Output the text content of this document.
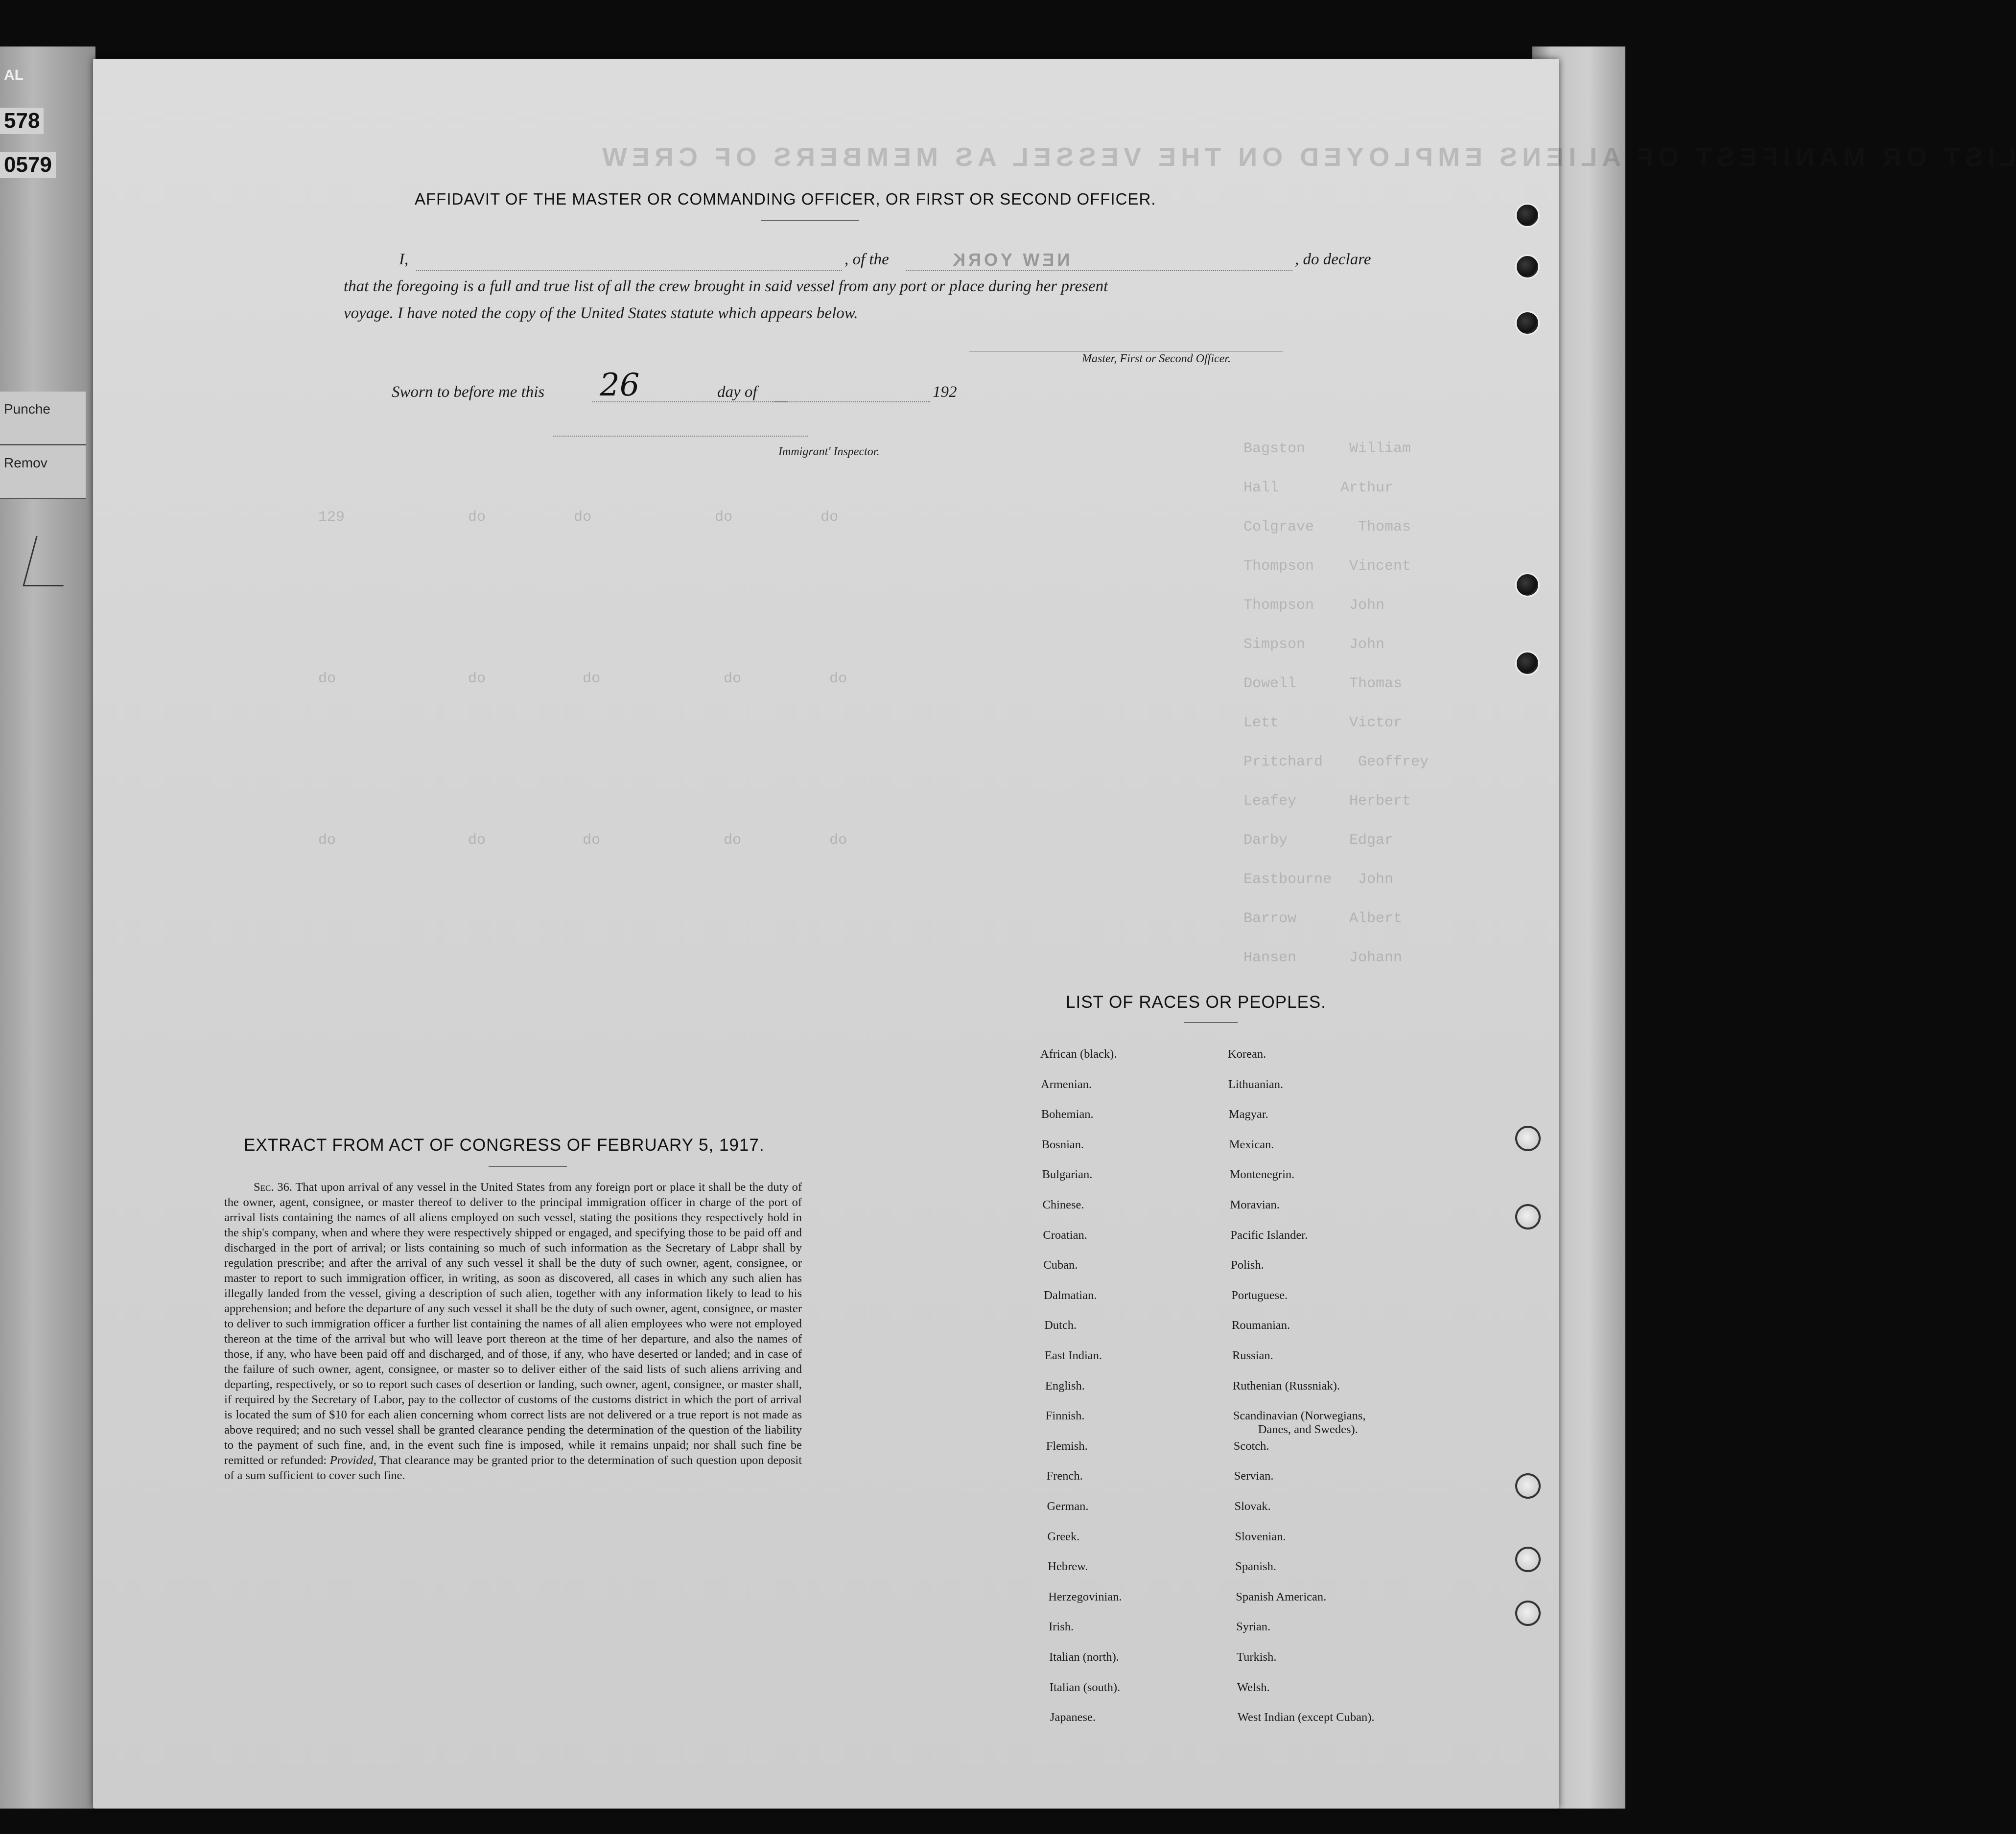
AL
578
0579
Punche
Remov
LIST OR MANIFEST OF ALIENS EMPLOYED ON THE VESSEL AS MEMBERS OF CREW
Bagston     William
Hall       Arthur
Colgrave     Thomas
Thompson    Vincent
Thompson    John
Simpson     John
Dowell      Thomas
Lett        Victor
Pritchard    Geoffrey
Leafey      Herbert
Darby       Edgar
Eastbourne   John
Barrow      Albert
Hansen      Johann
129              do          do              do          do
do               do           do              do          do
do               do           do              do          do
AFFIDAVIT OF THE MASTER OR COMMANDING OFFICER, OR FIRST OR SECOND OFFICER.
I,	, of the	NEW YORK	, do declare
that the foregoing is a full and true list of all the crew brought in said vessel from any port or place during her present
voyage. I have noted the copy of the United States statute which appears below.
Master, First or Second Officer.
Sworn to before me this 26	day of	192
Immigrant' Inspector.
EXTRACT FROM ACT OF CONGRESS OF FEBRUARY 5, 1917.
Sec. 36. That upon arrival of any vessel in the United States from any foreign port or place it shall be the duty of the owner, agent, consignee, or master thereof to deliver to the principal immigration officer in charge of the port of arrival lists containing the names of all aliens employed on such vessel, stating the positions they respectively hold in the ship's company, when and where they were respectively shipped or engaged, and specifying those to be paid off and discharged in the port of arrival; or lists containing so much of such information as the Secretary of Labpr shall by regulation prescribe; and after the arrival of any such vessel it shall be the duty of such owner, agent, consignee, or master to report to such immigration officer, in writing, as soon as discovered, all cases in which any such alien has illegally landed from the vessel, giving a description of such alien, together with any information likely to lead to his apprehension; and before the departure of any such vessel it shall be the duty of such owner, agent, consignee, or master to deliver to such immigration officer a further list containing the names of all alien employees who were not employed thereon at the time of the arrival but who will leave port thereon at the time of her departure, and also the names of those, if any, who have been paid off and discharged, and of those, if any, who have deserted or landed; and in case of the failure of such owner, agent, consignee, or master so to deliver either of the said lists of such aliens arriving and departing, respectively, or so to report such cases of desertion or landing, such owner, agent, consignee, or master shall, if required by the Secretary of Labor, pay to the collector of customs of the customs district in which the port of arrival is located the sum of $10 for each alien concerning whom correct lists are not delivered or a true report is not made as above required; and no such vessel shall be granted clearance pending the determination of the question of the liability to the payment of such fine, and, in the event such fine is imposed, while it remains unpaid; nor shall such fine be remitted or refunded: Provided, That clearance may be granted prior to the determination of such question upon deposit of a sum sufficient to cover such fine.
LIST OF RACES OR PEOPLES.
African (black).
Armenian.
Bohemian.
Bosnian.
Bulgarian.
Chinese.
Croatian.
Cuban.
Dalmatian.
Dutch.
East Indian.
English.
Finnish.
Flemish.
French.
German.
Greek.
Hebrew.
Herzegovinian.
Irish.
Italian (north).
Italian (south).
Japanese.
Korean.
Lithuanian.
Magyar.
Mexican.
Montenegrin.
Moravian.
Pacific Islander.
Polish.
Portuguese.
Roumanian.
Russian.
Ruthenian (Russniak).
Scandinavian (Norwegians,
Danes, and Swedes).
Scotch.
Servian.
Slovak.
Slovenian.
Spanish.
Spanish American.
Syrian.
Turkish.
Welsh.
West Indian (except Cuban).
